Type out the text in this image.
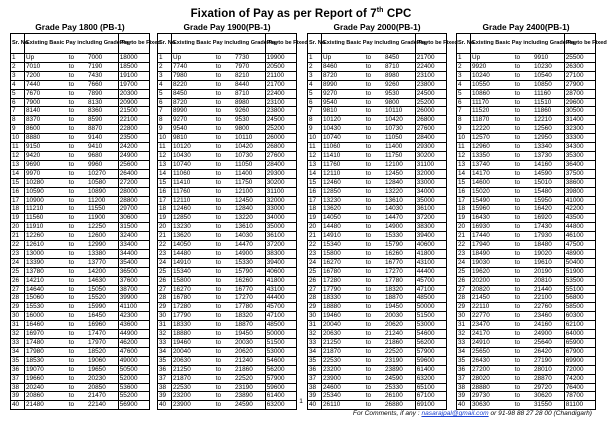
Fixation of Pay as per Report of 7th CPC
Grade Pay 1800 (PB-1)
Sr. No.	Existing Basic Pay including Grade Pay			Pay to be Fixed
1	Up	to	7000	18000
2	7010	to	7190	18500
3	7200	to	7430	19100
4	7440	to	7660	19700
5	7670	to	7890	20300
6	7900	to	8130	20900
7	8140	to	8360	21500
8	8370	to	8590	22100
9	8600	to	8870	22800
10	8880	to	9140	23500
11	9150	to	9410	24200
12	9420	to	9680	24900
13	9690	to	9960	25600
14	9970	to	10270	26400
15	10280	to	10580	27200
16	10590	to	10890	28000
17	10900	to	11200	28800
18	11210	to	11550	29700
19	11560	to	11900	30600
20	11910	to	12250	31500
21	12260	to	12600	32400
22	12610	to	12990	33400
23	13000	to	13380	34400
24	13390	to	13770	35400
25	13780	to	14200	36500
26	14210	to	14630	37600
27	14640	to	15050	38700
28	15060	to	15520	39900
29	15530	to	15990	41100
30	16000	to	16450	42300
31	16460	to	16960	43600
32	16970	to	17470	44900
33	17480	to	17970	46200
34	17980	to	18520	47600
35	18530	to	19060	49000
36	19070	to	19650	50500
37	19660	to	20230	52000
38	20240	to	20850	53600
39	20860	to	21470	55200
40	21480	to	22140	56900
Grade Pay 1900(PB-1)
Sr. No.	Existing Basic Pay including Grade Pay			Pay to be Fixed
1	Up	to	7730	19900
2	7740	to	7970	20500
3	7980	to	8210	21100
4	8220	to	8440	21700
5	8450	to	8710	22400
6	8720	to	8980	23100
7	8990	to	9260	23800
8	9270	to	9530	24500
9	9540	to	9800	25200
10	9810	to	10110	26000
11	10120	to	10420	26800
12	10430	to	10730	27600
13	10740	to	11050	28400
14	11060	to	11400	29300
15	11410	to	11750	30200
16	11760	to	12100	31100
17	12110	to	12450	32000
18	12460	to	12840	33000
19	12850	to	13220	34000
20	13230	to	13610	35000
21	13620	to	14030	36100
22	14050	to	14470	37200
23	14480	to	14900	38300
24	14910	to	15330	39400
25	15340	to	15790	40600
26	15800	to	16260	41800
27	16270	to	16770	43100
28	16780	to	17270	44400
29	17280	to	17780	45700
30	17790	to	18320	47100
31	18330	to	18870	48500
32	18880	to	19450	50000
33	19460	to	20030	51500
34	20040	to	20620	53000
35	20630	to	21240	54600
36	21250	to	21860	56200
37	21870	to	22520	57900
38	22530	to	23190	59600
39	23200	to	23890	61400
40	23900	to	24590	63200
Grade Pay 2000(PB-1)
Sr. No.	Existing Basic Pay including Grade Pay			Pay to be Fixed
1	Up	to	8450	21700
2	8460	to	8710	22400
3	8720	to	8980	23100
4	8990	to	9260	23800
5	9270	to	9530	24500
6	9540	to	9800	25200
7	9810	to	10110	26000
8	10120	to	10420	26800
9	10430	to	10730	27600
10	10740	to	11050	28400
11	11060	to	11400	29300
12	11410	to	11750	30200
13	11760	to	12100	31100
14	12110	to	12450	32000
15	12460	to	12840	33000
16	12850	to	13220	34000
17	13230	to	13610	35000
18	13620	to	14030	36100
19	14050	to	14470	37200
20	14480	to	14900	38300
21	14910	to	15330	39400
22	15340	to	15790	40600
23	15800	to	16260	41800
24	16270	to	16770	43100
25	16780	to	17270	44400
26	17280	to	17780	45700
27	17790	to	18320	47100
28	18330	to	18870	48500
29	18880	to	19450	50000
30	19460	to	20030	51500
31	20040	to	20620	53000
32	20630	to	21240	54600
33	21250	to	21860	56200
34	21870	to	22520	57900
35	22530	to	23190	59600
36	23200	to	23890	61400
37	23900	to	24590	63200
38	24600	to	25330	65100
39	25340	to	26100	67100
40	26110	to	26880	69100
Grade Pay 2400(PB-1)
Sr. No.	Existing Basic Pay including Grade Pay			Pay to be Fixed
1	Up	to	9910	25500
2	9920	to	10230	26300
3	10240	to	10540	27100
4	10550	to	10850	27900
5	10860	to	11160	28700
6	11170	to	11510	29600
7	11520	to	11860	30500
8	11870	to	12210	31400
9	12220	to	12560	32300
10	12570	to	12950	33300
11	12960	to	13340	34300
12	13350	to	13730	35300
13	13740	to	14160	36400
14	14170	to	14590	37500
15	14600	to	15010	38600
16	15020	to	15480	39800
17	15490	to	15950	41000
18	15960	to	16420	42200
19	16430	to	16920	43500
20	16930	to	17430	44800
21	17440	to	17930	46100
22	17940	to	18480	47500
23	18490	to	19020	48900
24	19030	to	19610	50400
25	19620	to	20190	51900
26	20200	to	20810	53500
27	20820	to	21440	55100
28	21450	to	22100	56800
29	22110	to	22760	58500
30	22770	to	23460	60300
31	23470	to	24160	62100
32	24170	to	24900	64000
33	24910	to	25640	65900
34	25650	to	26420	67900
35	26430	to	27190	69900
36	27200	to	28010	72000
37	28020	to	28870	74200
38	28880	to	29720	76400
39	29730	to	30620	78700
40	30630	to	31550	81100
1
For Comments, if any : nasarajpal@gmail.com or 91-98 88 27 28 00 (Chandigarh)
